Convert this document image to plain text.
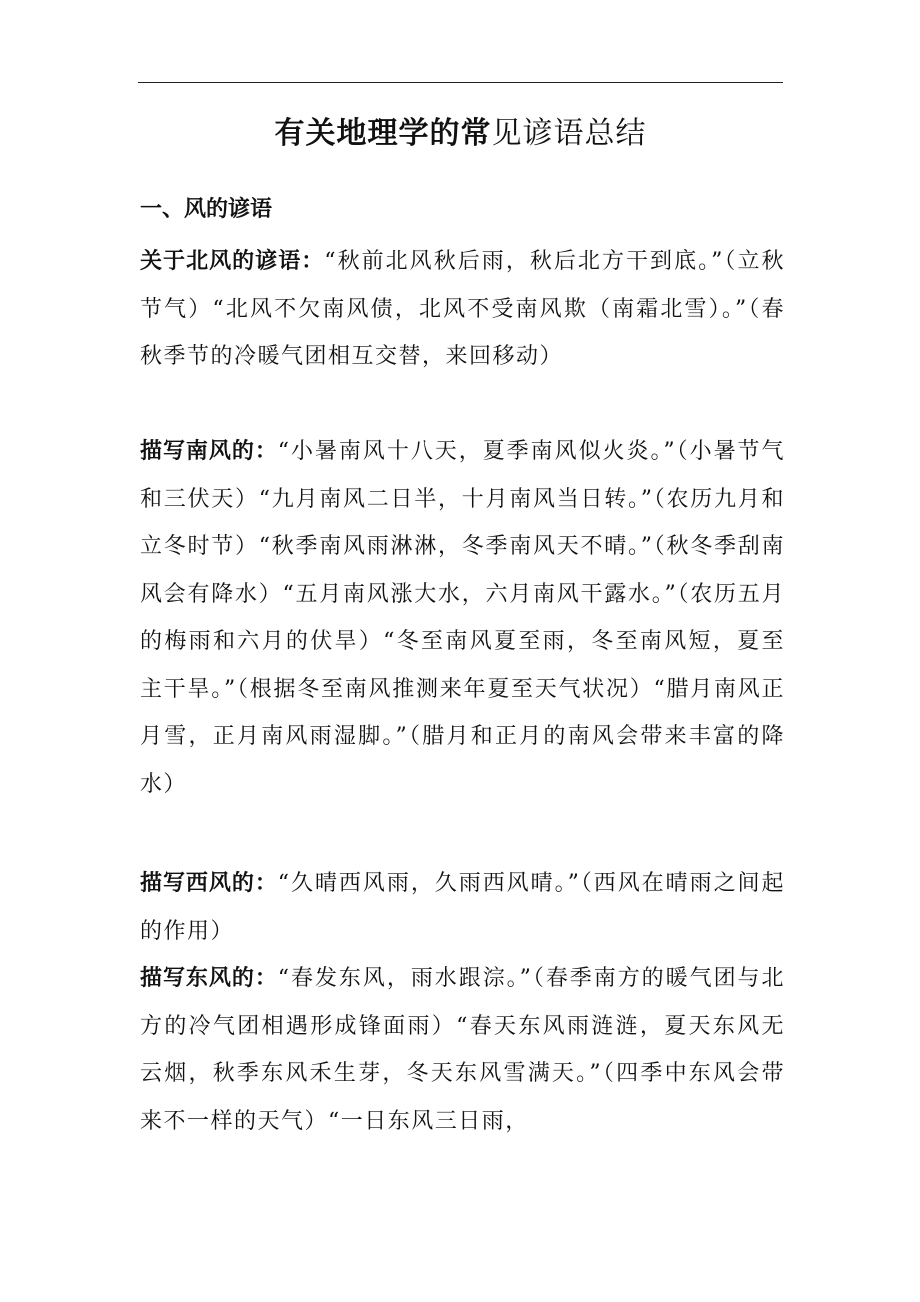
有关地理学的常见谚语总结
一、风的谚语
关于北风的谚语：“秋前北风秋后雨，秋后北方干到底。”（立秋节气）“北风不欠南风债，北风不受南风欺（南霜北雪）。”（春秋季节的冷暖气团相互交替，来回移动）
描写南风的：“小暑南风十八天，夏季南风似火炎。”（小暑节气和三伏天）“九月南风二日半，十月南风当日转。”（农历九月和立冬时节）“秋季南风雨淋淋，冬季南风天不晴。”（秋冬季刮南风会有降水）“五月南风涨大水，六月南风干露水。”（农历五月的梅雨和六月的伏旱）“冬至南风夏至雨，冬至南风短，夏至主干旱。”（根据冬至南风推测来年夏至天气状况）“腊月南风正月雪，正月南风雨湿脚。”（腊月和正月的南风会带来丰富的降水）
描写西风的：“久晴西风雨，久雨西风晴。”（西风在晴雨之间起的作用）
描写东风的：“春发东风，雨水跟淙。”（春季南方的暖气团与北方的冷气团相遇形成锋面雨）“春天东风雨涟涟，夏天东风无云烟，秋季东风禾生芽，冬天东风雪满天。”（四季中东风会带来不一样的天气）“一日东风三日雨，
